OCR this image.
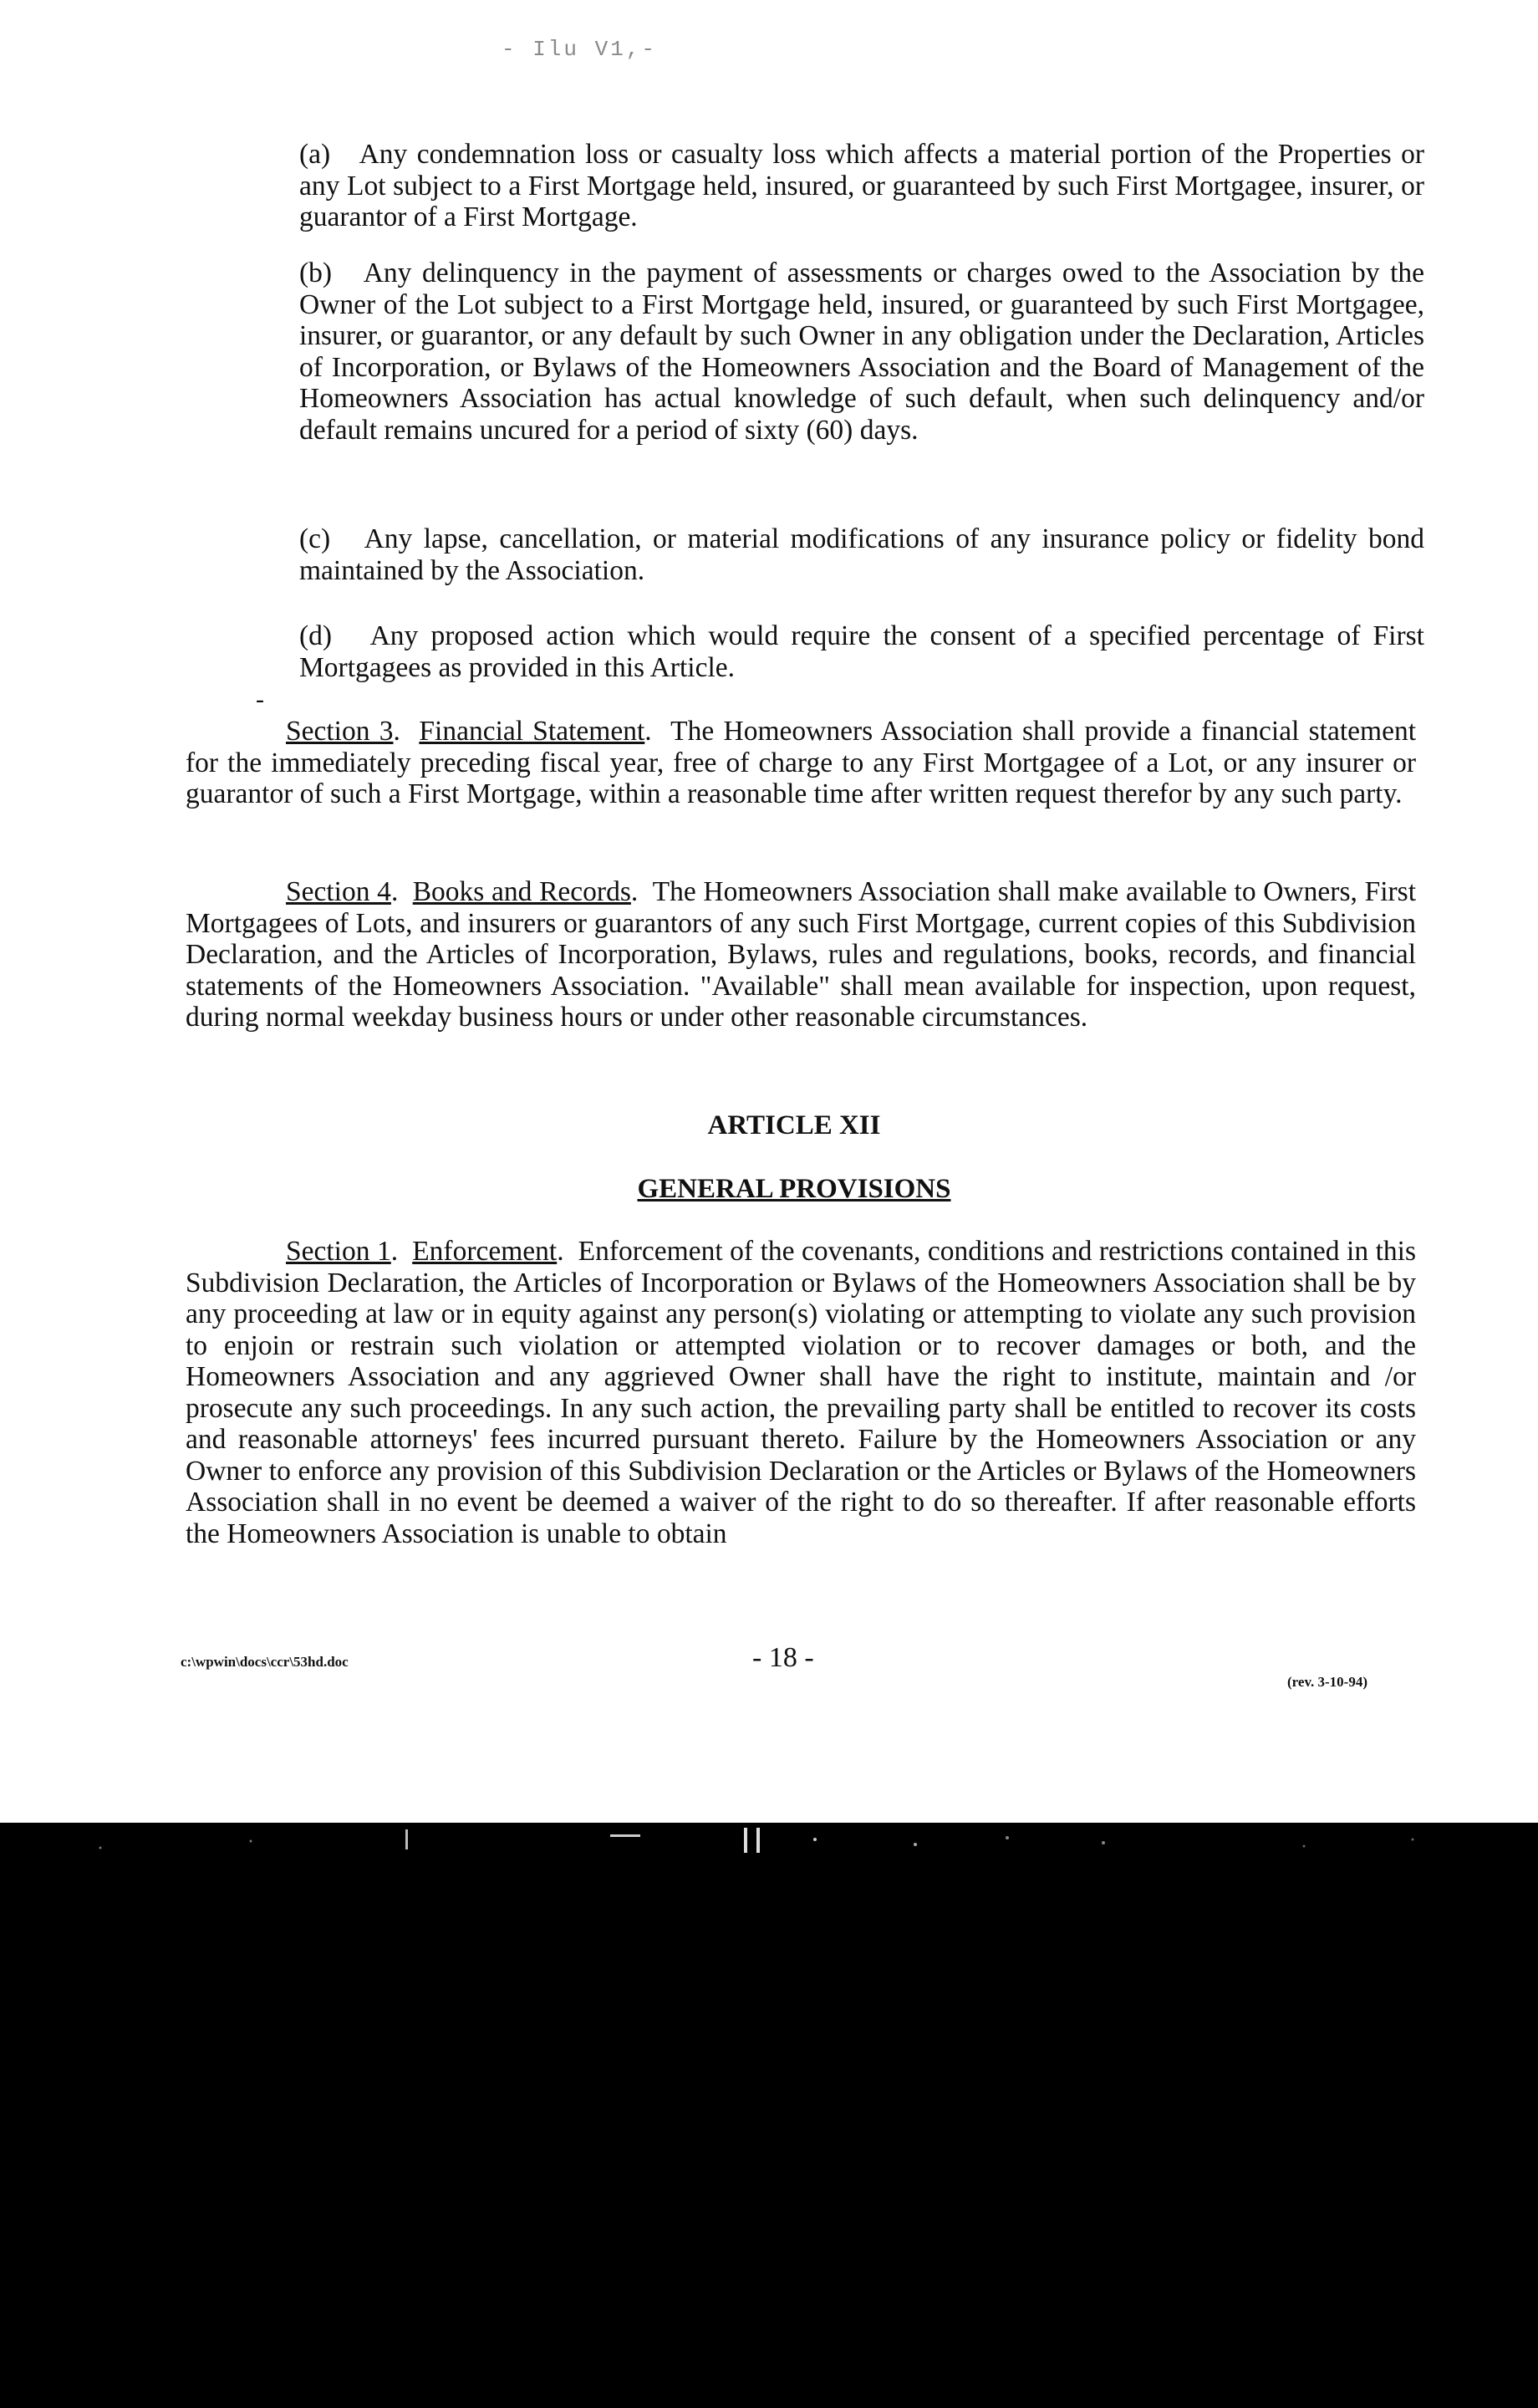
- Ilu V1,-

(a) Any condemnation loss or casualty loss which affects a material portion of the Properties or any Lot subject to a First Mortgage held, insured, or guaranteed by such First Mortgagee, insurer, or guarantor of a First Mortgage.

(b) Any delinquency in the payment of assessments or charges owed to the Association by the Owner of the Lot subject to a First Mortgage held, insured, or guaranteed by such First Mortgagee, insurer, or guarantor, or any default by such Owner in any obligation under the Declaration, Articles of Incorporation, or Bylaws of the Homeowners Association and the Board of Management of the Homeowners Association has actual knowledge of such default, when such delinquency and/or default remains uncured for a period of sixty (60) days.

(c) Any lapse, cancellation, or material modifications of any insurance policy or fidelity bond maintained by the Association.

-

(d) Any proposed action which would require the consent of a specified percentage of First Mortgagees as provided in this Article.

Section 3.  Financial Statement.  The Homeowners Association shall provide a financial statement for the immediately preceding fiscal year, free of charge to any First Mortgagee of a Lot, or any insurer or guarantor of such a First Mortgage, within a reasonable time after written request therefor by any such party.

Section 4.  Books and Records.  The Homeowners Association shall make available to Owners, First Mortgagees of Lots, and insurers or guarantors of any such First Mortgage, current copies of this Subdivision Declaration, and the Articles of Incorporation, Bylaws, rules and regulations, books, records, and financial statements of the Homeowners Association. "Available" shall mean available for inspection, upon request, during normal weekday business hours or under other reasonable circumstances.

ARTICLE XII
GENERAL PROVISIONS

Section 1.  Enforcement.  Enforcement of the covenants, conditions and restrictions contained in this Subdivision Declaration, the Articles of Incorporation or Bylaws of the Homeowners Association shall be by any proceeding at law or in equity against any person(s) violating or attempting to violate any such provision to enjoin or restrain such violation or attempted violation or to recover damages or both, and the Homeowners Association and any aggrieved Owner shall have the right to institute, maintain and /or prosecute any such proceedings. In any such action, the prevailing party shall be entitled to recover its costs and reasonable attorneys' fees incurred pursuant thereto. Failure by the Homeowners Association or any Owner to enforce any provision of this Subdivision Declaration or the Articles or Bylaws of the Homeowners Association shall in no event be deemed a waiver of the right to do so thereafter. If after reasonable efforts the Homeowners Association is unable to obtain

c:\wpwin\docs\ccr\53hd.doc	- 18 -

(rev. 3-10-94)
